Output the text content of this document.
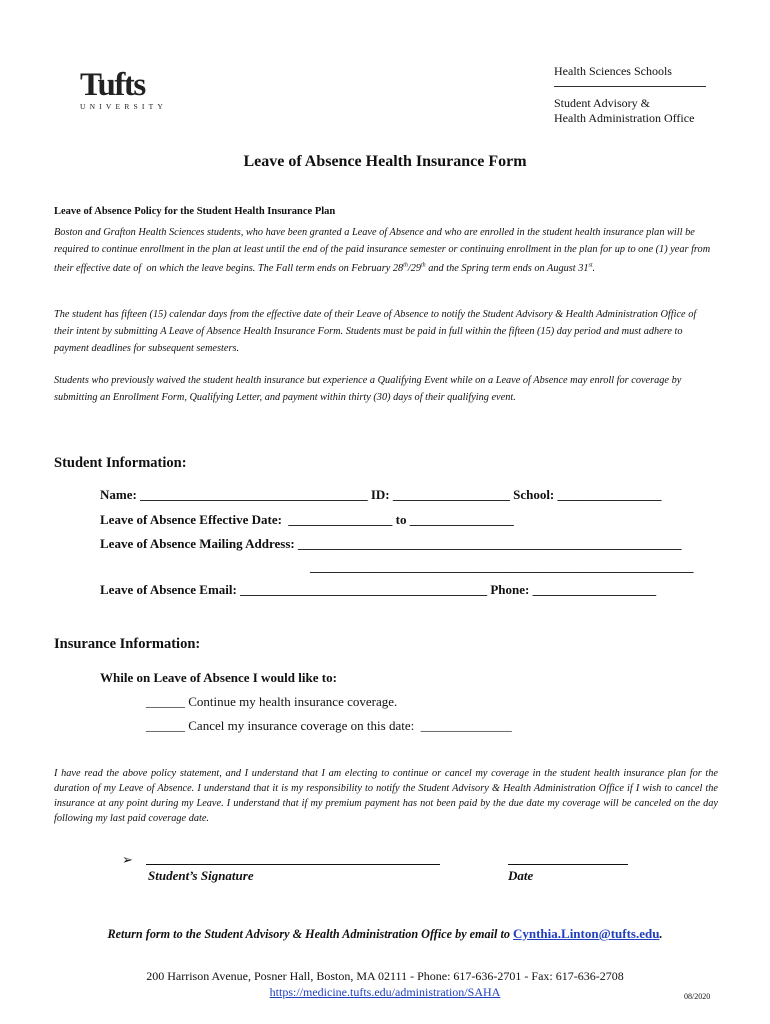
Tufts
UNIVERSITY
Health Sciences Schools
Student Advisory &
Health Administration Office
Leave of Absence Health Insurance Form
Leave of Absence Policy for the Student Health Insurance Plan
Boston and Grafton Health Sciences students, who have been granted a Leave of Absence and who are enrolled in the student health insurance plan will be required to continue enrollment in the plan at least until the end of the paid insurance semester or continuing enrollment in the plan for up to one (1) year from their effective date of  on which the leave begins. The Fall term ends on February 28th/29th and the Spring term ends on August 31st.
The student has fifteen (15) calendar days from the effective date of their Leave of Absence to notify the Student Advisory & Health Administration Office of their intent by submitting A Leave of Absence Health Insurance Form. Students must be paid in full within the fifteen (15) day period and must adhere to payment deadlines for subsequent semesters.
Students who previously waived the student health insurance but experience a Qualifying Event while on a Leave of Absence may enroll for coverage by submitting an Enrollment Form, Qualifying Letter, and payment within thirty (30) days of their qualifying event.
Student Information:
Name: ___________________________________ ID: __________________ School: ________________
Leave of Absence Effective Date:  ________________ to ________________
Leave of Absence Mailing Address: ___________________________________________________________
___________________________________________________________
Leave of Absence Email: ______________________________________ Phone: ___________________
Insurance Information:
While on Leave of Absence I would like to:
______ Continue my health insurance coverage.
______ Cancel my insurance coverage on this date:  ______________
I have read the above policy statement, and I understand that I am electing to continue or cancel my coverage in the student health insurance plan for the duration of my Leave of Absence. I understand that it is my responsibility to notify the Student Advisory & Health Administration Office if I wish to cancel the insurance at any point during my Leave. I understand that if my premium payment has not been paid by the due date my coverage will be canceled on the day following my last paid coverage date.
➢
Student’s Signature	Date
Return form to the Student Advisory & Health Administration Office by email to Cynthia.Linton@tufts.edu.
200 Harrison Avenue, Posner Hall, Boston, MA 02111 - Phone: 617-636-2701 - Fax: 617-636-2708
https://medicine.tufts.edu/administration/SAHA	08/2020
